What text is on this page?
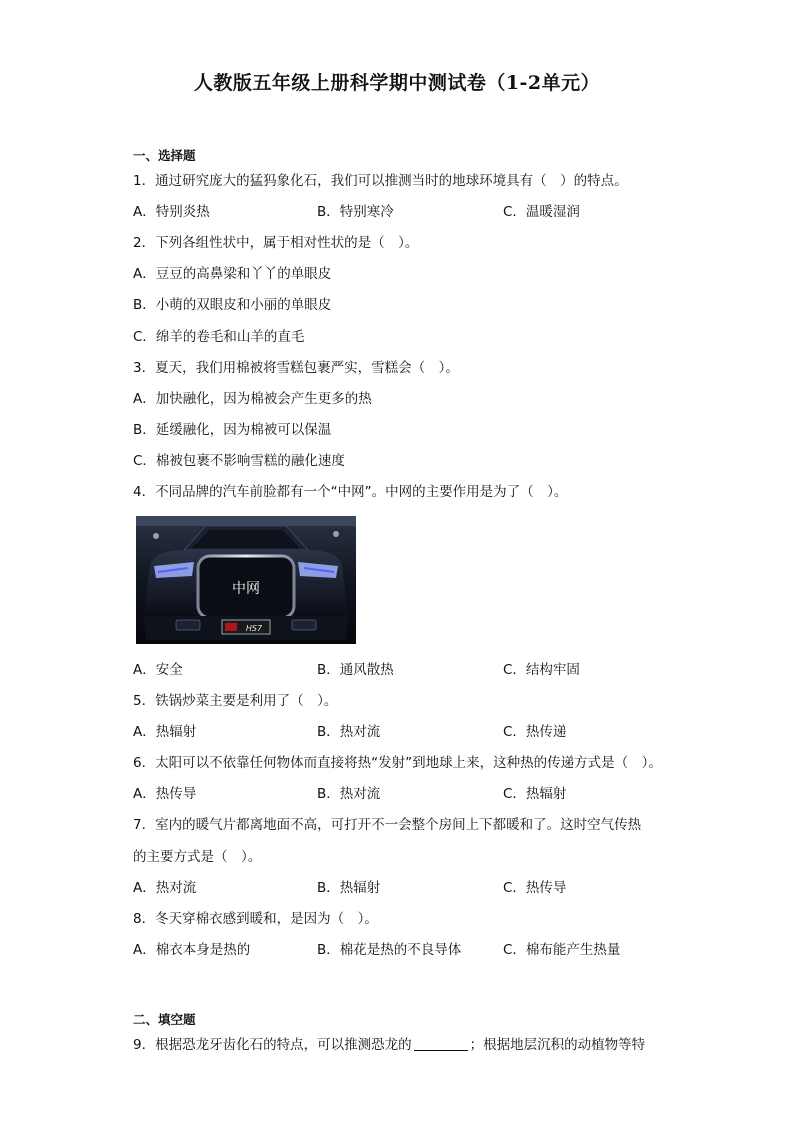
人教版五年级上册科学期中测试卷（1-2单元）
一、选择题
1．通过研究庞大的猛犸象化石，我们可以推测当时的地球环境具有（　）的特点。
A．特别炎热	B．特别寒冷	C．温暖湿润
2．下列各组性状中，属于相对性状的是（　）。
A．豆豆的高鼻梁和丫丫的单眼皮
B．小萌的双眼皮和小丽的单眼皮
C．绵羊的卷毛和山羊的直毛
3．夏天，我们用棉被将雪糕包裹严实，雪糕会（　）。
A．加快融化，因为棉被会产生更多的热
B．延缓融化，因为棉被可以保温
C．棉被包裹不影响雪糕的融化速度
4．不同品牌的汽车前脸都有一个“中网”。中网的主要作用是为了（　）。
HS7
中网
A．安全	B．通风散热	C．结构牢固
5．铁锅炒菜主要是利用了（　）。
A．热辐射	B．热对流	C．热传递
6．太阳可以不依靠任何物体而直接将热“发射”到地球上来，这种热的传递方式是（　）。
A．热传导	B．热对流	C．热辐射
7．室内的暖气片都离地面不高，可打开不一会整个房间上下都暖和了。这时空气传热
的主要方式是（　）。
A．热对流	B．热辐射	C．热传导
8．冬天穿棉衣感到暖和，是因为（　）。
A．棉衣本身是热的	B．棉花是热的不良导体	C．棉布能产生热量
二、填空题
9．根据恐龙牙齿化石的特点，可以推测恐龙的	；根据地层沉积的动植物等特
